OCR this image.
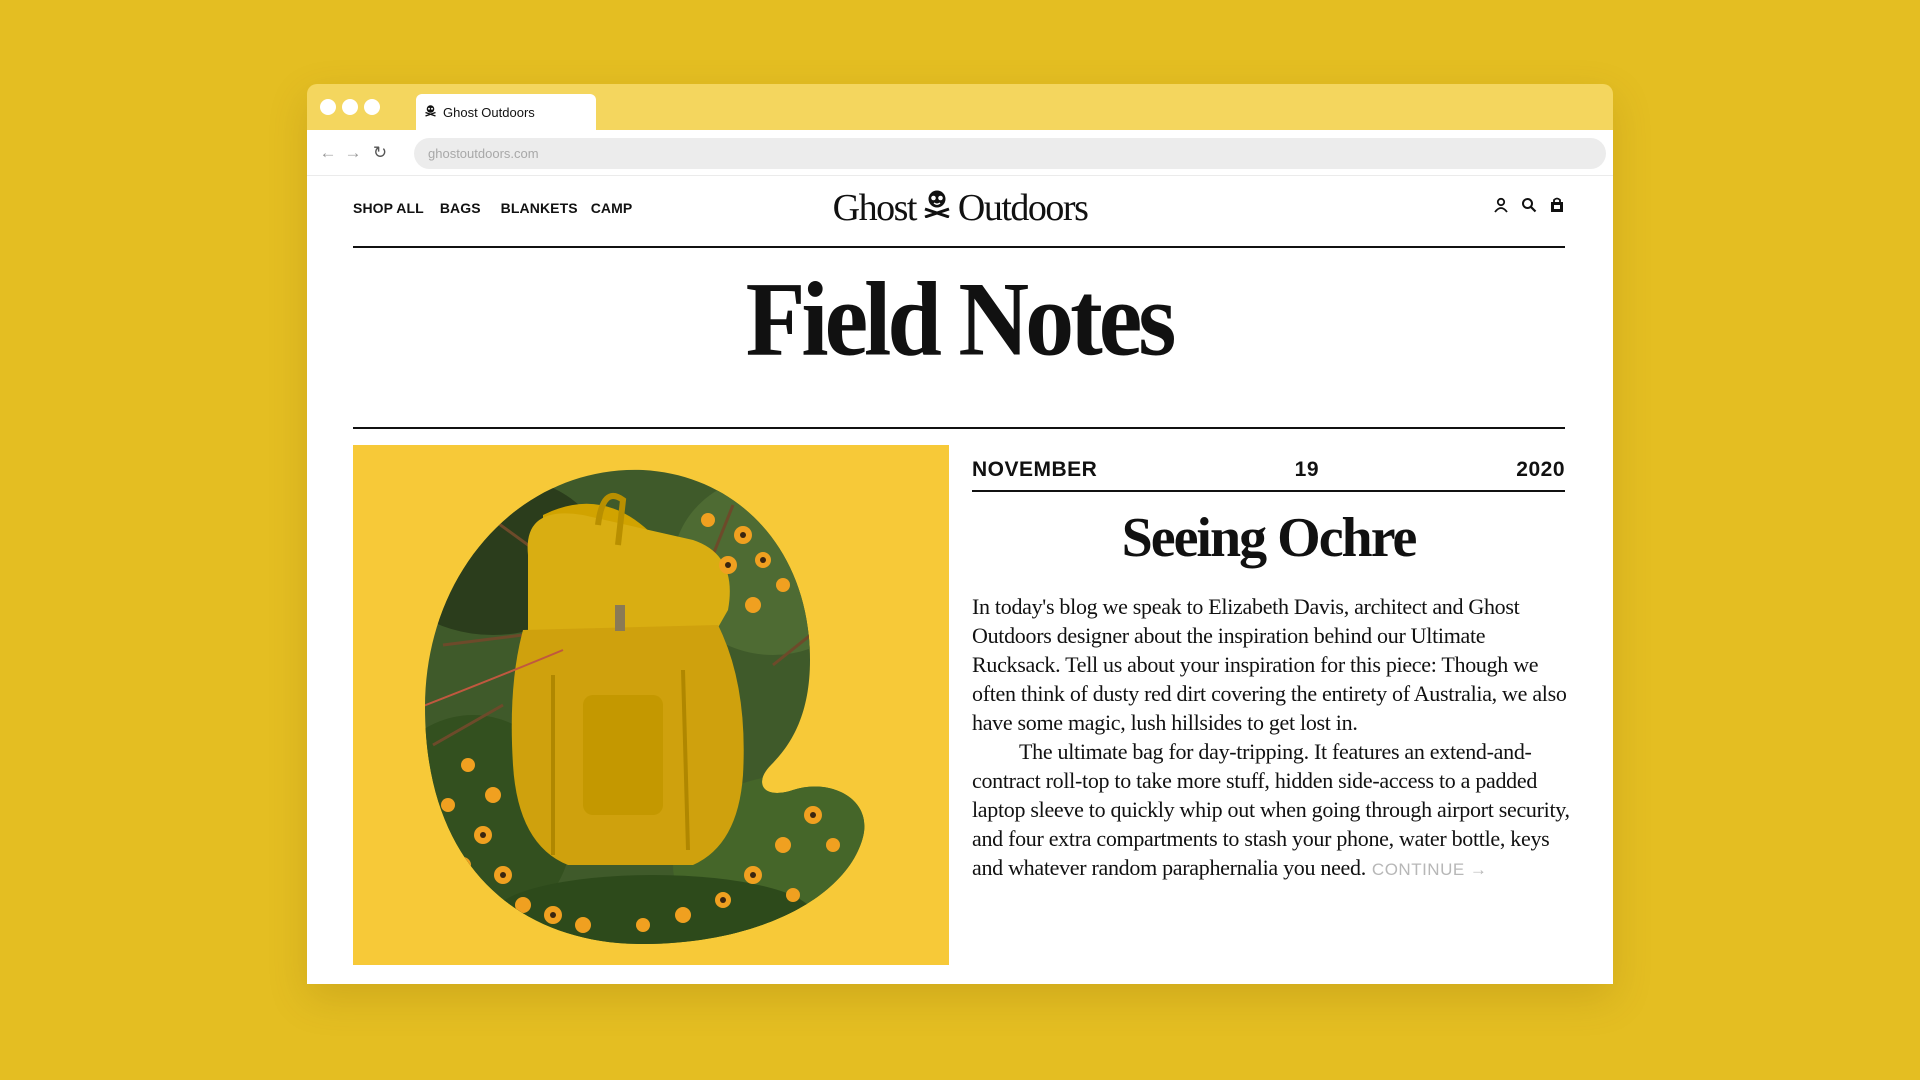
Ghost Outdoors
← → ↻	ghostoutdoors.com
SHOP ALL BAGS BLANKETS CAMP	Ghost Outdoors
Field Notes
NOVEMBER	19	2020
Seeing Ochre

In today's blog we speak to Elizabeth Davis, architect and Ghost Outdoors designer about the inspiration behind our Ultimate Rucksack. Tell us about your inspiration for this piece: Though we often think of dusty red dirt covering the entirety of Australia, we also have some magic, lush hillsides to get lost in.

The ultimate bag for day-tripping. It features an extend-and-contract roll-top to take more stuff, hidden side-access to a padded laptop sleeve to quickly whip out when going through airport security, and four extra compartments to stash your phone, water bottle, keys and whatever random paraphernalia you need. CONTINUE →
